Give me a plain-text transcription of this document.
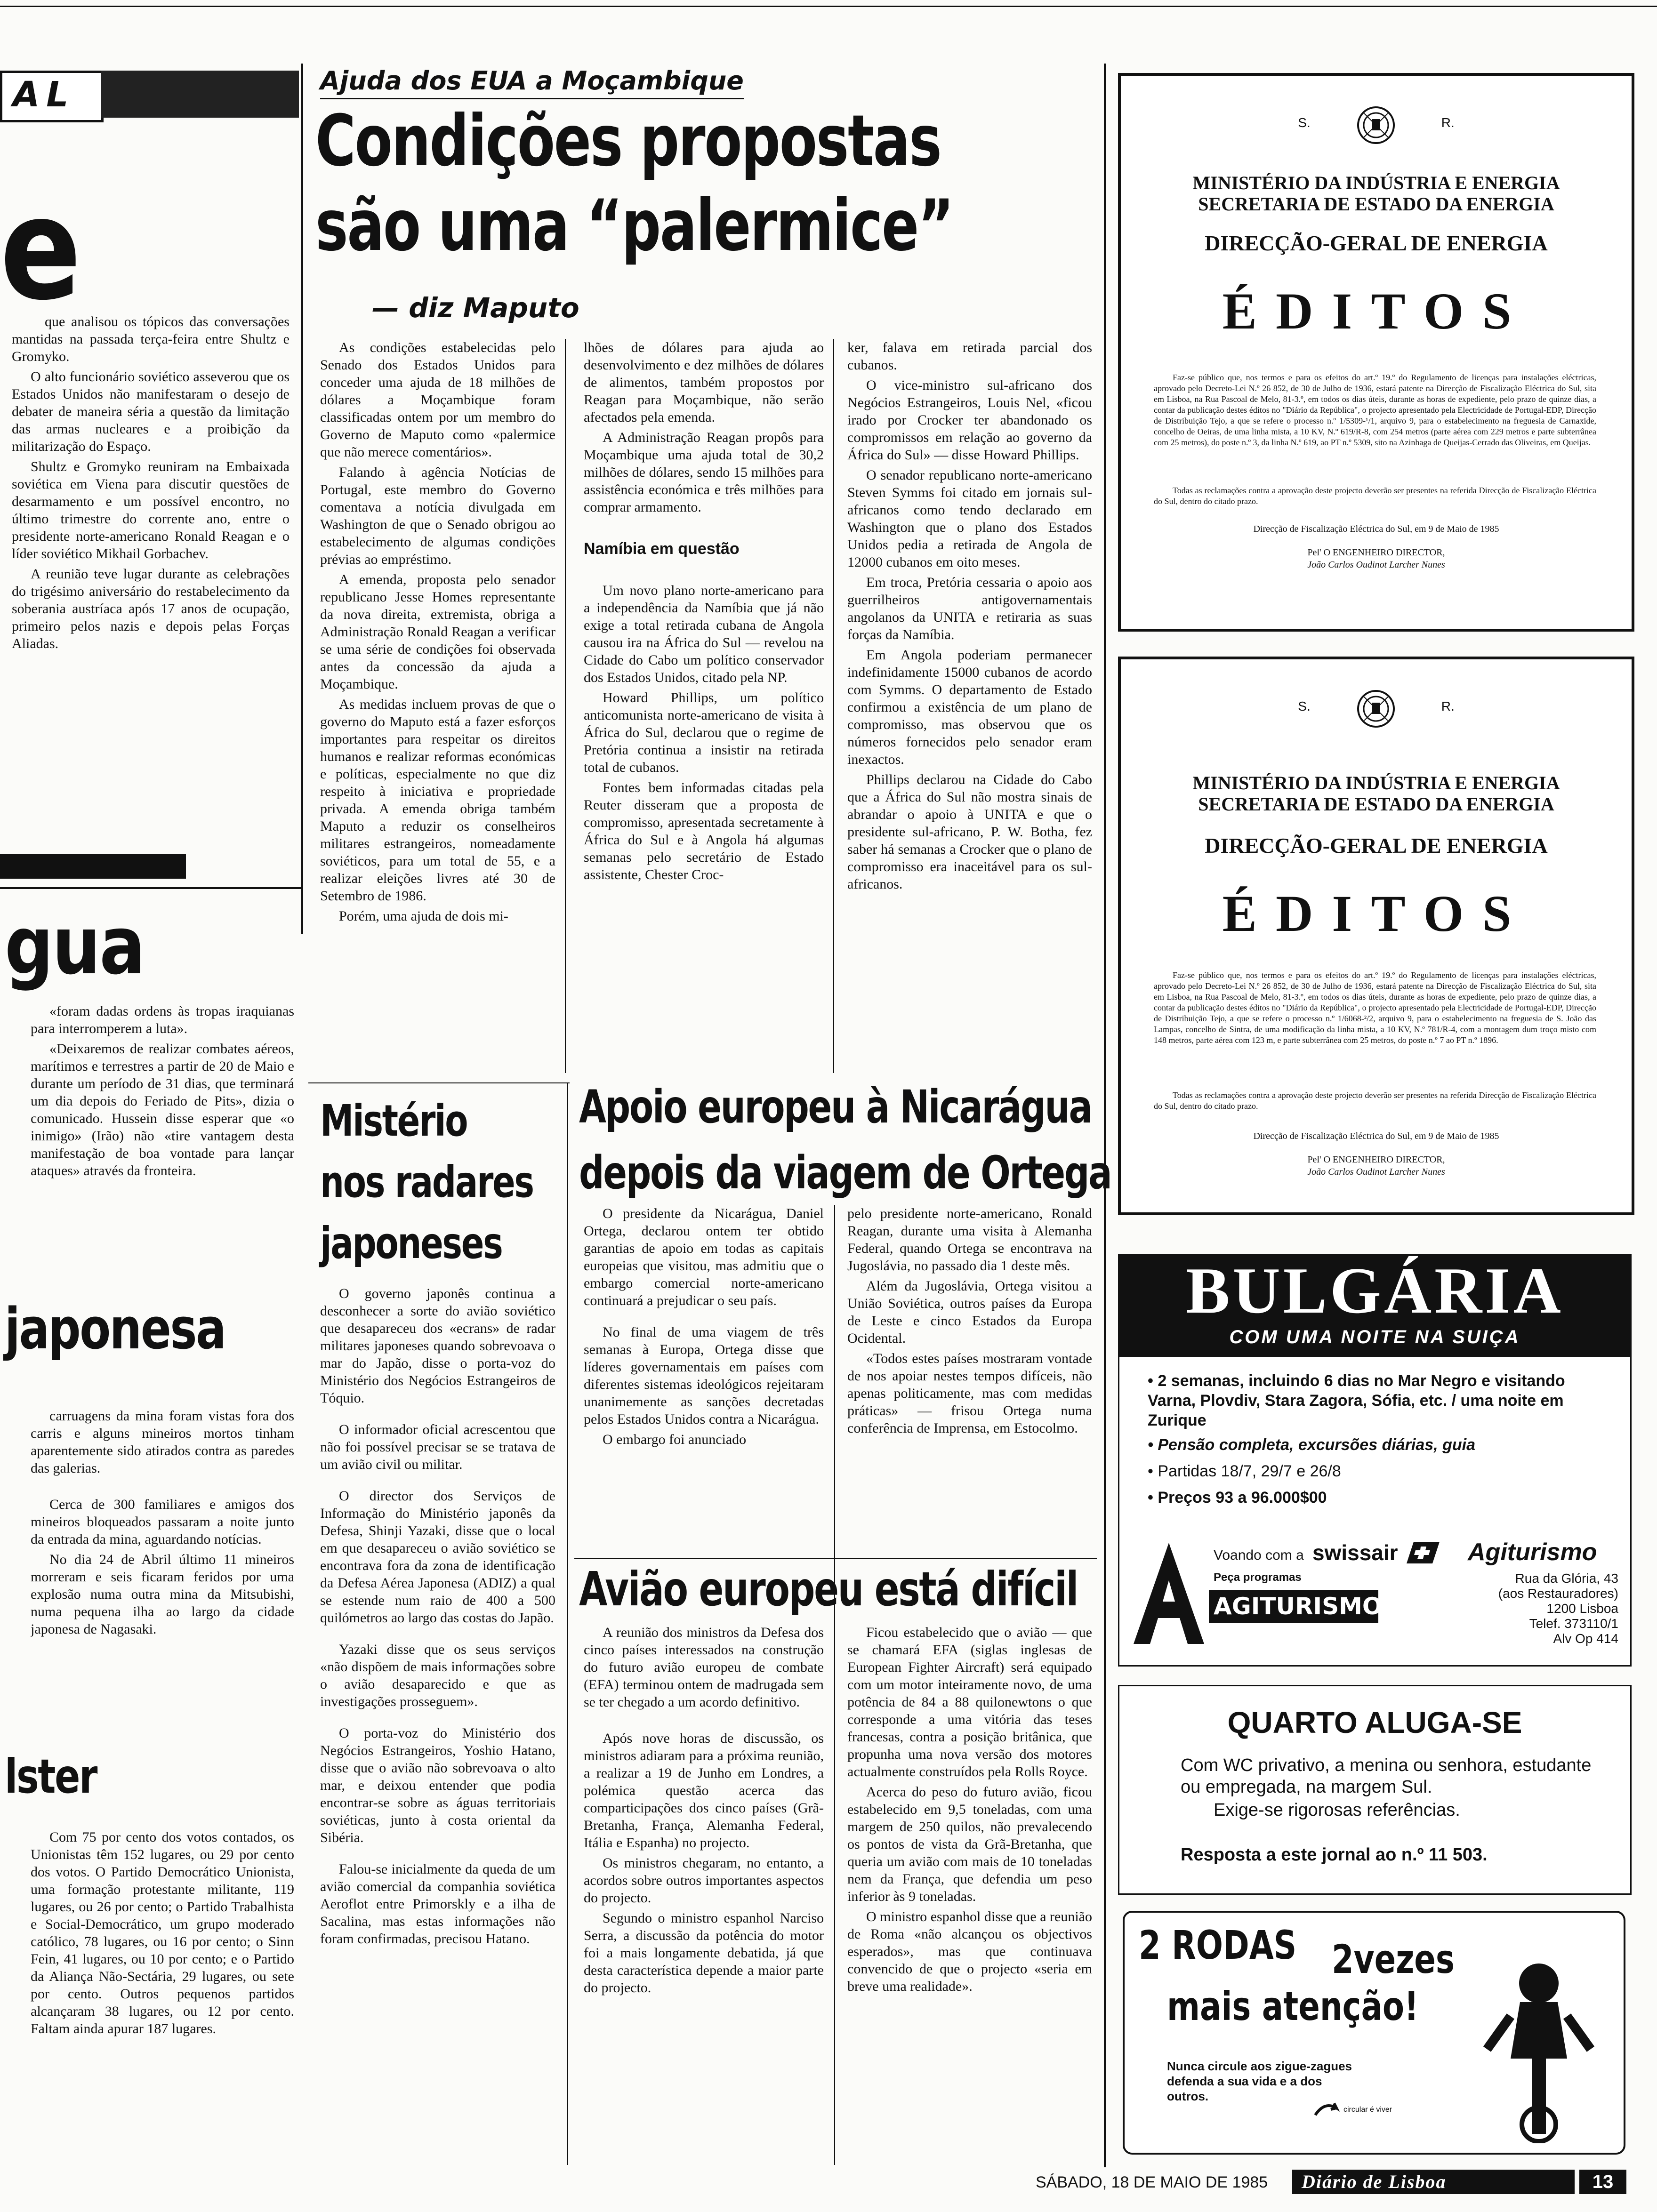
AL
e

que analisou os tópicos das conversações mantidas na passada terça-feira entre Shultz e Gromyko.

O alto funcionário soviético asseverou que os Estados Unidos não manifestaram o desejo de debater de maneira séria a questão da limitação das armas nucleares e a proibição da militarização do Espaço.

Shultz e Gromyko reuniram na Embaixada soviética em Viena para discutir questões de desarmamento e um possível encontro, no último trimestre do corrente ano, entre o presidente norte-americano Ronald Reagan e o líder soviético Mikhail Gorbachev.

A reunião teve lugar durante as celebrações do trigésimo aniversário do restabelecimento da soberania austríaca após 17 anos de ocupação, primeiro pelos nazis e depois pelas Forças Aliadas.

gua

«foram dadas ordens às tropas iraquianas para interromperem a luta».

«Deixaremos de realizar combates aéreos, marítimos e terrestres a partir de 20 de Maio e durante um período de 31 dias, que terminará um dia depois do Feriado de Pits», dizia o comunicado. Hussein disse esperar que «o inimigo» (Irão) não «tire vantagem desta manifestação de boa vontade para lançar ataques» através da fronteira.

japonesa

carruagens da mina foram vistas fora dos carris e alguns mineiros mortos tinham aparentemente sido atirados contra as paredes das galerias.

Cerca de 300 familiares e amigos dos mineiros bloqueados passaram a noite junto da entrada da mina, aguardando notícias.

No dia 24 de Abril último 11 mineiros morreram e seis ficaram feridos por uma explosão numa outra mina da Mitsubishi, numa pequena ilha ao largo da cidade japonesa de Nagasaki.

lster

Com 75 por cento dos votos contados, os Unionistas têm 152 lugares, ou 29 por cento dos votos. O Partido Democrático Unionista, uma formação protestante militante, 119 lugares, ou 26 por cento; o Partido Trabalhista e Social-Democrático, um grupo moderado católico, 78 lugares, ou 16 por cento; o Sinn Fein, 41 lugares, ou 10 por cento; e o Partido da Aliança Não-Sectária, 29 lugares, ou sete por cento. Outros pequenos partidos alcançaram 38 lugares, ou 12 por cento. Faltam ainda apurar 187 lugares.

Ajuda dos EUA a Moçambique
Condições propostas
são uma “palermice”
— diz Maputo

As condições estabelecidas pelo Senado dos Estados Unidos para conceder uma ajuda de 18 milhões de dólares a Moçambique foram classificadas ontem por um membro do Governo de Maputo como «palermice que não merece comentários».

Falando à agência Notícias de Portugal, este membro do Governo comentava a notícia divulgada em Washington de que o Senado obrigou ao estabelecimento de algumas condições prévias ao empréstimo.

A emenda, proposta pelo senador republicano Jesse Homes representante da nova direita, extremista, obriga a Administração Ronald Reagan a verificar se uma série de condições foi observada antes da concessão da ajuda a Moçambique.

As medidas incluem provas de que o governo do Maputo está a fazer esforços importantes para respeitar os direitos humanos e realizar reformas económicas e políticas, especialmente no que diz respeito à iniciativa e propriedade privada. A emenda obriga também Maputo a reduzir os conselheiros militares estrangeiros, nomeadamente soviéticos, para um total de 55, e a realizar eleições livres até 30 de Setembro de 1986.

Porém, uma ajuda de dois mi-

lhões de dólares para ajuda ao desenvolvimento e dez milhões de dólares de alimentos, também propostos por Reagan para Moçambique, não serão afectados pela emenda.

A Administração Reagan propôs para Moçambique uma ajuda total de 30,2 milhões de dólares, sendo 15 milhões para assistência económica e três milhões para comprar armamento.

Namíbia em questão

Um novo plano norte-americano para a independência da Namíbia que já não exige a total retirada cubana de Angola causou ira na África do Sul — revelou na Cidade do Cabo um político conservador dos Estados Unidos, citado pela NP.

Howard Phillips, um político anticomunista norte-americano de visita à África do Sul, declarou que o regime de Pretória continua a insistir na retirada total de cubanos.

Fontes bem informadas citadas pela Reuter disseram que a proposta de compromisso, apresentada secretamente à África do Sul e à Angola há algumas semanas pelo secretário de Estado assistente, Chester Croc-

ker, falava em retirada parcial dos cubanos.

O vice-ministro sul-africano dos Negócios Estrangeiros, Louis Nel, «ficou irado por Crocker ter abandonado os compromissos em relação ao governo da África do Sul» — disse Howard Phillips.

O senador republicano norte-americano Steven Symms foi citado em jornais sul-africanos como tendo declarado em Washington que o plano dos Estados Unidos pedia a retirada de Angola de 12000 cubanos em oito meses.

Em troca, Pretória cessaria o apoio aos guerrilheiros antigovernamentais angolanos da UNITA e retiraria as suas forças da Namíbia.

Em Angola poderiam permanecer indefinidamente 15000 cubanos de acordo com Symms. O departamento de Estado confirmou a existência de um plano de compromisso, mas observou que os números fornecidos pelo senador eram inexactos.

Phillips declarou na Cidade do Cabo que a África do Sul não mostra sinais de abrandar o apoio à UNITA e que o presidente sul-africano, P. W. Botha, fez saber há semanas a Crocker que o plano de compromisso era inaceitável para os sul-africanos.

Mistério
nos radares
japoneses

O governo japonês continua a desconhecer a sorte do avião soviético que desapareceu dos «ecrans» de radar militares japoneses quando sobrevoava o mar do Japão, disse o porta-voz do Ministério dos Negócios Estrangeiros de Tóquio.

O informador oficial acrescentou que não foi possível precisar se se tratava de um avião civil ou militar.

O director dos Serviços de Informação do Ministério japonês da Defesa, Shinji Yazaki, disse que o local em que desapareceu o avião soviético se encontrava fora da zona de identificação da Defesa Aérea Japonesa (ADIZ) a qual se estende num raio de 400 a 500 quilómetros ao largo das costas do Japão.

Yazaki disse que os seus serviços «não dispõem de mais informações sobre o avião desaparecido e que as investigações prosseguem».

O porta-voz do Ministério dos Negócios Estrangeiros, Yoshio Hatano, disse que o avião não sobrevoava o alto mar, e deixou entender que podia encontrar-se sobre as águas territoriais soviéticas, junto à costa oriental da Sibéria.

Falou-se inicialmente da queda de um avião comercial da companhia soviética Aeroflot entre Primorskly e a ilha de Sacalina, mas estas informações não foram confirmadas, precisou Hatano.

Apoio europeu à Nicarágua
depois da viagem de Ortega

O presidente da Nicarágua, Daniel Ortega, declarou ontem ter obtido garantias de apoio em todas as capitais europeias que visitou, mas admitiu que o embargo comercial norte-americano continuará a prejudicar o seu país.

No final de uma viagem de três semanas à Europa, Ortega disse que líderes governamentais em países com diferentes sistemas ideológicos rejeitaram unanimemente as sanções decretadas pelos Estados Unidos contra a Nicarágua.

O embargo foi anunciado

pelo presidente norte-americano, Ronald Reagan, durante uma visita à Alemanha Federal, quando Ortega se encontrava na Jugoslávia, no passado dia 1 deste mês.

Além da Jugoslávia, Ortega visitou a União Soviética, outros países da Europa de Leste e cinco Estados da Europa Ocidental.

«Todos estes países mostraram vontade de nos apoiar nestes tempos difíceis, não apenas politicamente, mas com medidas práticas» — frisou Ortega numa conferência de Imprensa, em Estocolmo.

Avião europeu está difícil

A reunião dos ministros da Defesa dos cinco países interessados na construção do futuro avião europeu de combate (EFA) terminou ontem de madrugada sem se ter chegado a um acordo definitivo.

Após nove horas de discussão, os ministros adiaram para a próxima reunião, a realizar a 19 de Junho em Londres, a polémica questão acerca das comparticipações dos cinco países (Grã-Bretanha, França, Alemanha Federal, Itália e Espanha) no projecto.

Os ministros chegaram, no entanto, a acordos sobre outros importantes aspectos do projecto.

Segundo o ministro espanhol Narciso Serra, a discussão da potência do motor foi a mais longamente debatida, já que desta característica depende a maior parte do projecto.

Ficou estabelecido que o avião — que se chamará EFA (siglas inglesas de European Fighter Aircraft) será equipado com um motor inteiramente novo, de uma potência de 84 a 88 quilonewtons o que corresponde a uma vitória das teses francesas, contra a posição britânica, que propunha uma nova versão dos motores actualmente construídos pela Rolls Royce.

Acerca do peso do futuro avião, ficou estabelecido em 9,5 toneladas, com uma margem de 250 quilos, não prevalecendo os pontos de vista da Grã-Bretanha, que queria um avião com mais de 10 toneladas nem da França, que defendia um peso inferior às 9 toneladas.

O ministro espanhol disse que a reunião de Roma «não alcançou os objectivos esperados», mas que continuava convencido de que o projecto «seria em breve uma realidade».

S.	R.
MINISTÉRIO DA INDÚSTRIA E ENERGIA
SECRETARIA DE ESTADO DA ENERGIA
DIRECÇÃO-GERAL DE ENERGIA
ÉDITOS
Faz-se público que, nos termos e para os efeitos do art.º 19.º do Regulamento de licenças para instalações eléctricas, aprovado pelo Decreto-Lei N.º 26 852, de 30 de Julho de 1936, estará patente na Direcção de Fiscalização Eléctrica do Sul, sita em Lisboa, na Rua Pascoal de Melo, 81-3.º, em todos os dias úteis, durante as horas de expediente, pelo prazo de quinze dias, a contar da publicação destes éditos no "Diário da República", o projecto apresentado pela Electricidade de Portugal-EDP, Direcção de Distribuição Tejo, a que se refere o processo n.º 1/5309-¹/1, arquivo 9, para o estabelecimento na freguesia de Carnaxide, concelho de Oeiras, de uma linha mista, a 10 KV, N.º 619/R-8, com 254 metros (parte aérea com 229 metros e parte subterrânea com 25 metros), do poste n.º 3, da linha N.º 619, ao PT n.º 5309, sito na Azinhaga de Queijas-Cerrado das Oliveiras, em Queijas.
Todas as reclamações contra a aprovação deste projecto deverão ser presentes na referida Direcção de Fiscalização Eléctrica do Sul, dentro do citado prazo.
Direcção de Fiscalização Eléctrica do Sul, em 9 de Maio de 1985
Pel' O ENGENHEIRO DIRECTOR,
João Carlos Oudinot Larcher Nunes
S.	R.
MINISTÉRIO DA INDÚSTRIA E ENERGIA
SECRETARIA DE ESTADO DA ENERGIA
DIRECÇÃO-GERAL DE ENERGIA
ÉDITOS
Faz-se público que, nos termos e para os efeitos do art.º 19.º do Regulamento de licenças para instalações eléctricas, aprovado pelo Decreto-Lei N.º 26 852, de 30 de Julho de 1936, estará patente na Direcção de Fiscalização Eléctrica do Sul, sita em Lisboa, na Rua Pascoal de Melo, 81-3.º, em todos os dias úteis, durante as horas de expediente, pelo prazo de quinze dias, a contar da publicação destes éditos no "Diário da República", o projecto apresentado pela Electricidade de Portugal-EDP, Direcção de Distribuição Tejo, a que se refere o processo n.º 1/6068-²/2, arquivo 9, para o estabelecimento na freguesia de S. João das Lampas, concelho de Sintra, de uma modificação da linha mista, a 10 KV, N.º 781/R-4, com a montagem dum troço misto com 148 metros, parte aérea com 123 m, e parte subterrânea com 25 metros, do poste n.º 7 ao PT n.º 1896.
Todas as reclamações contra a aprovação deste projecto deverão ser presentes na referida Direcção de Fiscalização Eléctrica do Sul, dentro do citado prazo.
Direcção de Fiscalização Eléctrica do Sul, em 9 de Maio de 1985
Pel' O ENGENHEIRO DIRECTOR,
João Carlos Oudinot Larcher Nunes
BULGÁRIA
COM UMA NOITE NA SUIÇA
• 2 semanas, incluindo 6 dias no Mar Negro e visitando Varna, Plovdiv, Stara Zagora, Sófia, etc. / uma noite em Zurique
• Pensão completa, excursões diárias, guia
• Partidas 18/7, 29/7 e 26/8
• Preços 93 a 96.000$00
Voando com a swissair
Peça programas
AGITURISMO
Agiturismo
Rua da Glória, 43
(aos Restauradores)
1200 Lisboa
Telef. 373110/1
Alv Op 414
QUARTO ALUGA-SE
Com WC privativo, a menina ou senhora, estudante ou empregada, na margem Sul.
Exige-se rigorosas referências.
Resposta a este jornal ao n.º 11 503.
2 RODAS 2vezes
mais atenção!
Nunca circule aos zigue-zagues defenda a sua vida e a dos outros.
circular é viver
SÁBADO, 18 DE MAIO DE 1985	Diário de Lisboa	13
